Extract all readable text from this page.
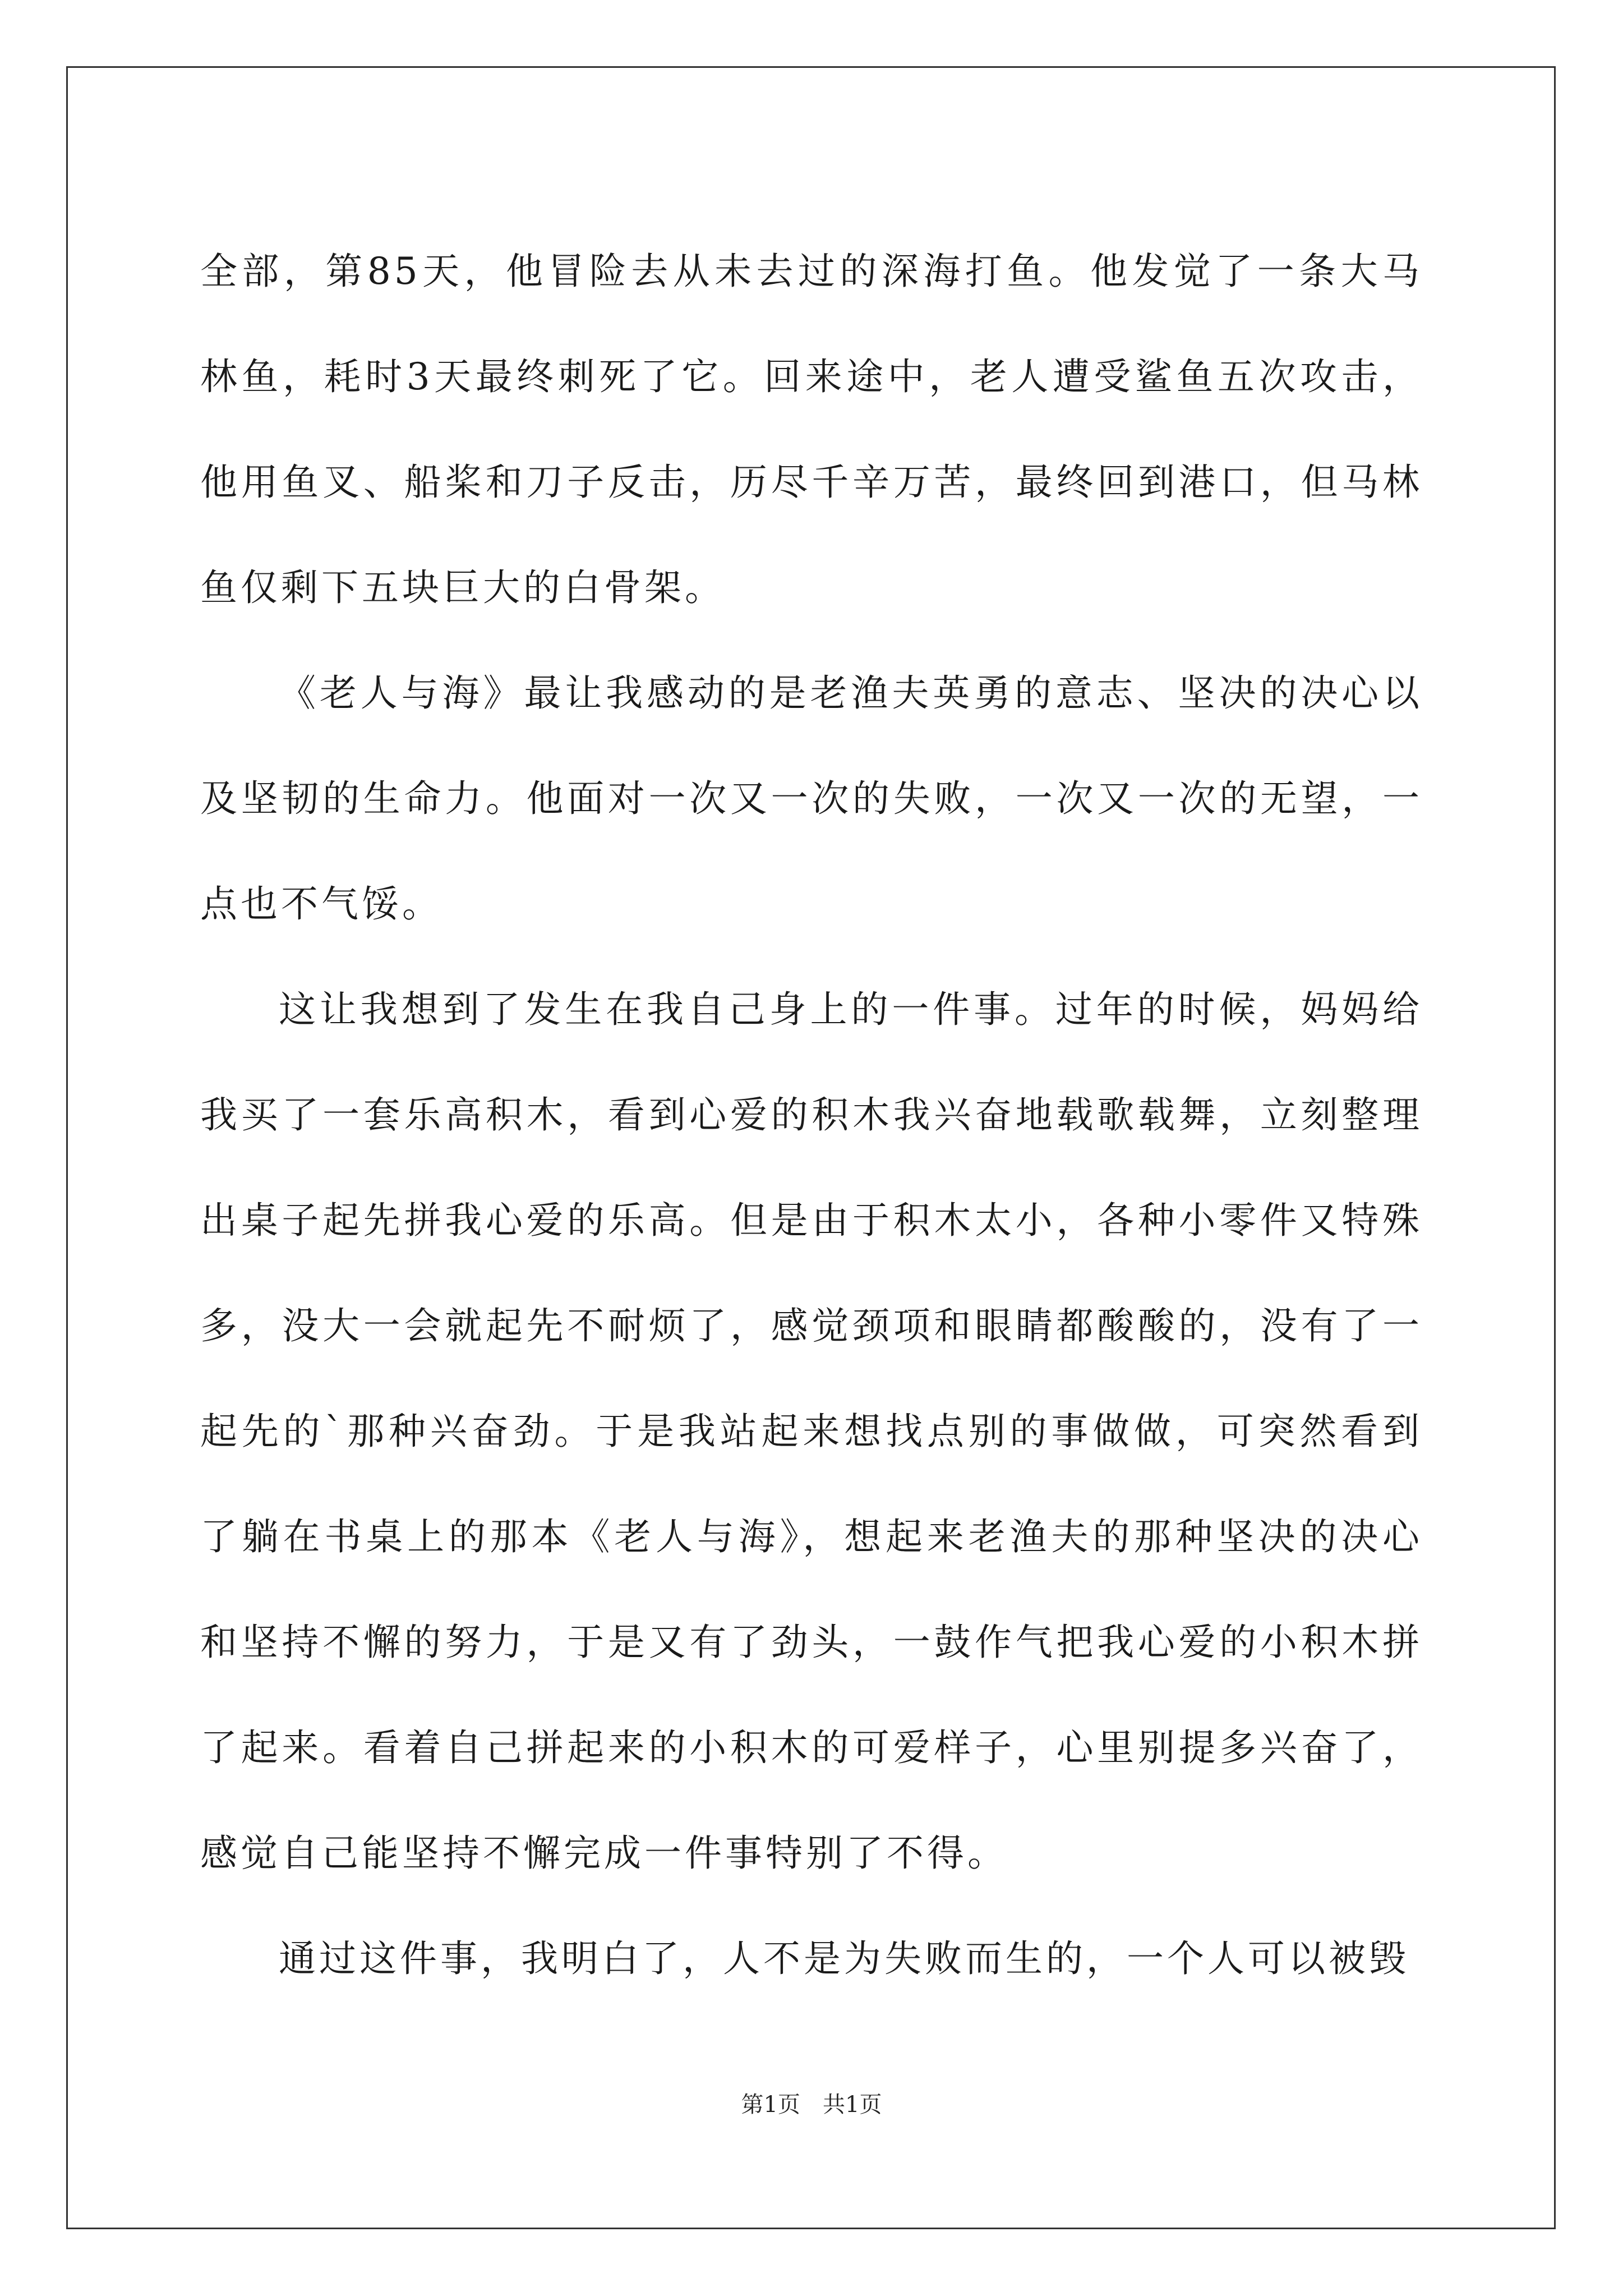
全部，第85天，他冒险去从未去过的深海打鱼。他发觉了一条大马林鱼，耗时3天最终刺死了它。回来途中，老人遭受鲨鱼五次攻击，他用鱼叉、船桨和刀子反击，历尽千辛万苦，最终回到港口，但马林鱼仅剩下五块巨大的白骨架。

《老人与海》最让我感动的是老渔夫英勇的意志、坚决的决心以及坚韧的生命力。他面对一次又一次的失败，一次又一次的无望，一点也不气馁。

这让我想到了发生在我自己身上的一件事。过年的时候，妈妈给我买了一套乐高积木，看到心爱的积木我兴奋地载歌载舞，立刻整理出桌子起先拼我心爱的乐高。但是由于积木太小，各种小零件又特殊多，没大一会就起先不耐烦了，感觉颈项和眼睛都酸酸的，没有了一起先的`那种兴奋劲。于是我站起来想找点别的事做做，可突然看到了躺在书桌上的那本《老人与海》，想起来老渔夫的那种坚决的决心和坚持不懈的努力，于是又有了劲头，一鼓作气把我心爱的小积木拼了起来。看着自己拼起来的小积木的可爱样子，心里别提多兴奋了，感觉自己能坚持不懈完成一件事特别了不得。

通过这件事，我明白了，人不是为失败而生的，一个人可以被毁

第1页　共1页
